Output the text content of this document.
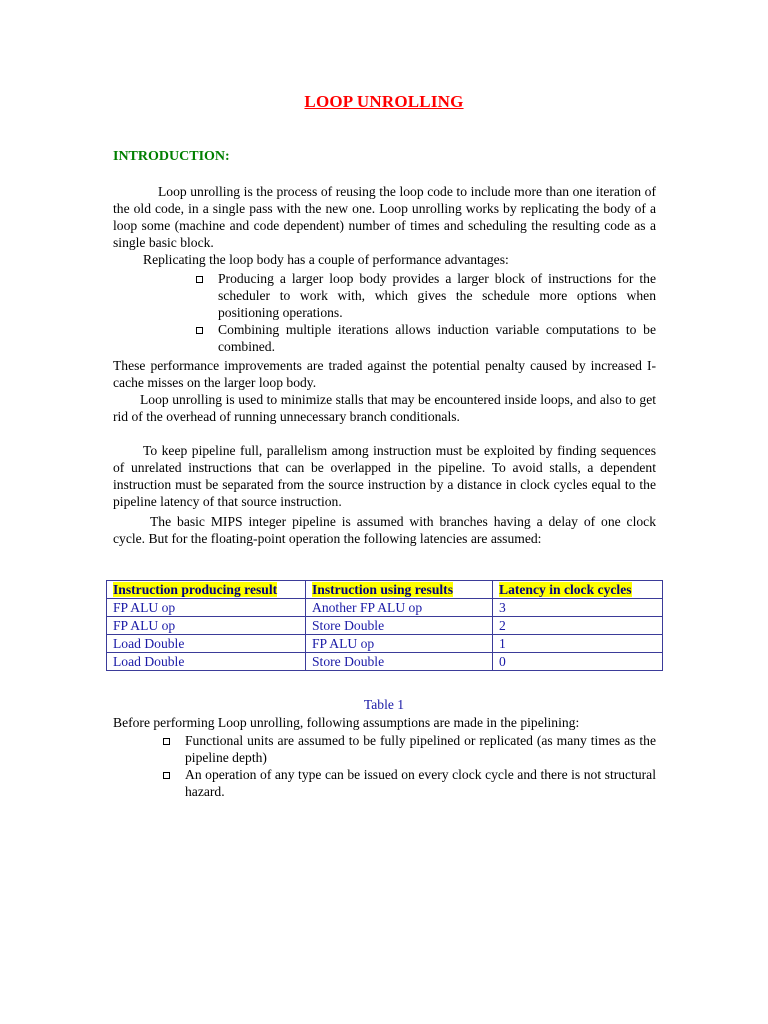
LOOP UNROLLING
INTRODUCTION:

Loop unrolling is the process of reusing the loop code to include more than one iteration of the old code, in a single pass with the new one. Loop unrolling works by replicating the body of a loop some (machine and code dependent) number of times and scheduling the resulting code as a single basic block.

Replicating the loop body has a couple of performance advantages:

Producing a larger loop body provides a larger block of instructions for the scheduler to work with, which gives the schedule more options when positioning operations.
Combining multiple iterations allows induction variable computations to be combined.

These performance improvements are traded against the potential penalty caused by increased I-cache misses on the larger loop body.

Loop unrolling is used to minimize stalls that may be encountered inside loops, and also to get rid of the overhead of running unnecessary branch conditionals.

To keep pipeline full, parallelism among instruction must be exploited by finding sequences of unrelated instructions that can be overlapped in the pipeline. To avoid stalls, a dependent instruction must be separated from the source instruction by a distance in clock cycles equal to the pipeline latency of that source instruction.

The basic MIPS integer pipeline is assumed with branches having a delay of one clock cycle. But for the floating-point operation the following latencies are assumed:

Instruction producing result	Instruction using results	Latency in clock cycles
FP ALU op	Another FP ALU op	3
FP ALU op	Store Double	2
Load Double	FP ALU op	1
Load Double	Store Double	0
Table 1

Before performing Loop unrolling, following assumptions are made in the pipelining:

Functional units are assumed to be fully pipelined or replicated (as many times as the pipeline depth)
An operation of any type can be issued on every clock cycle and there is not structural hazard.
